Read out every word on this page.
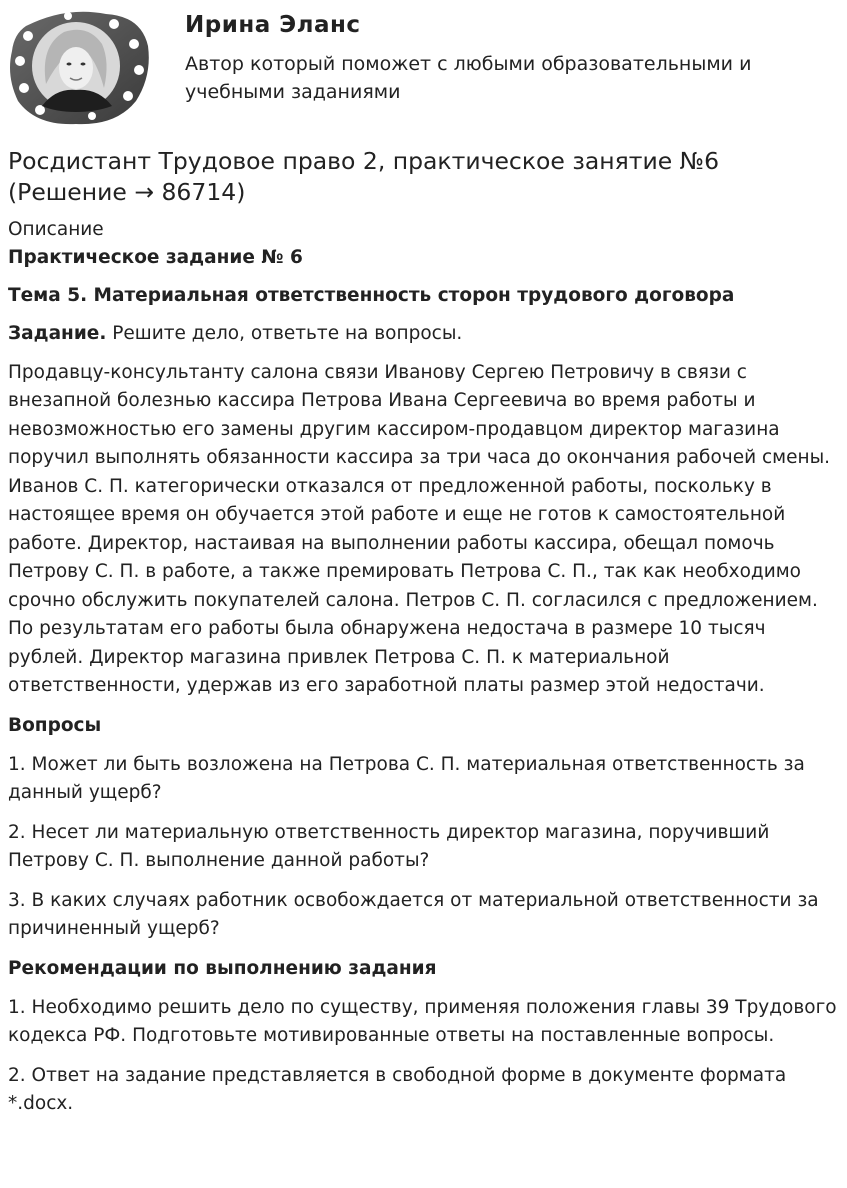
Ирина Эланс
Автор который поможет с любыми образовательными и учебными заданиями
Росдистант Трудовое право 2, практическое занятие №6 (Решение → 86714)
Описание
Практическое задание № 6
Тема 5. Материальная ответственность сторон трудового договора
Задание. Решите дело, ответьте на вопросы.
Продавцу-консультанту салона связи Иванову Сергею Петровичу в связи с внезапной болезнью кассира Петрова Ивана Сергеевича во время работы и невозможностью его замены другим кассиром-продавцом директор магазина поручил выполнять обязанности кассира за три часа до окончания рабочей смены. Иванов С. П. категорически отказался от предложенной работы, поскольку в настоящее время он обучается этой работе и еще не готов к самостоятельной работе. Директор, настаивая на выполнении работы кассира, обещал помочь Петрову С. П. в работе, а также премировать Петрова С. П., так как необходимо срочно обслужить покупателей салона. Петров С. П. согласился с предложением. По результатам его работы была обнаружена недостача в размере 10 тысяч рублей. Директор магазина привлек Петрова С. П. к материальной ответственности, удержав из его заработной платы размер этой недостачи.
Вопросы
1. Может ли быть возложена на Петрова С. П. материальная ответственность за данный ущерб?
2. Несет ли материальную ответственность директор магазина, поручивший Петрову С. П. выполнение данной работы?
3. В каких случаях работник освобождается от материальной ответственности за причиненный ущерб?
Рекомендации по выполнению задания
1. Необходимо решить дело по существу, применяя положения главы 39 Трудового кодекса РФ. Подготовьте мотивированные ответы на поставленные вопросы.
2. Ответ на задание представляется в свободной форме в документе формата *.docx.
